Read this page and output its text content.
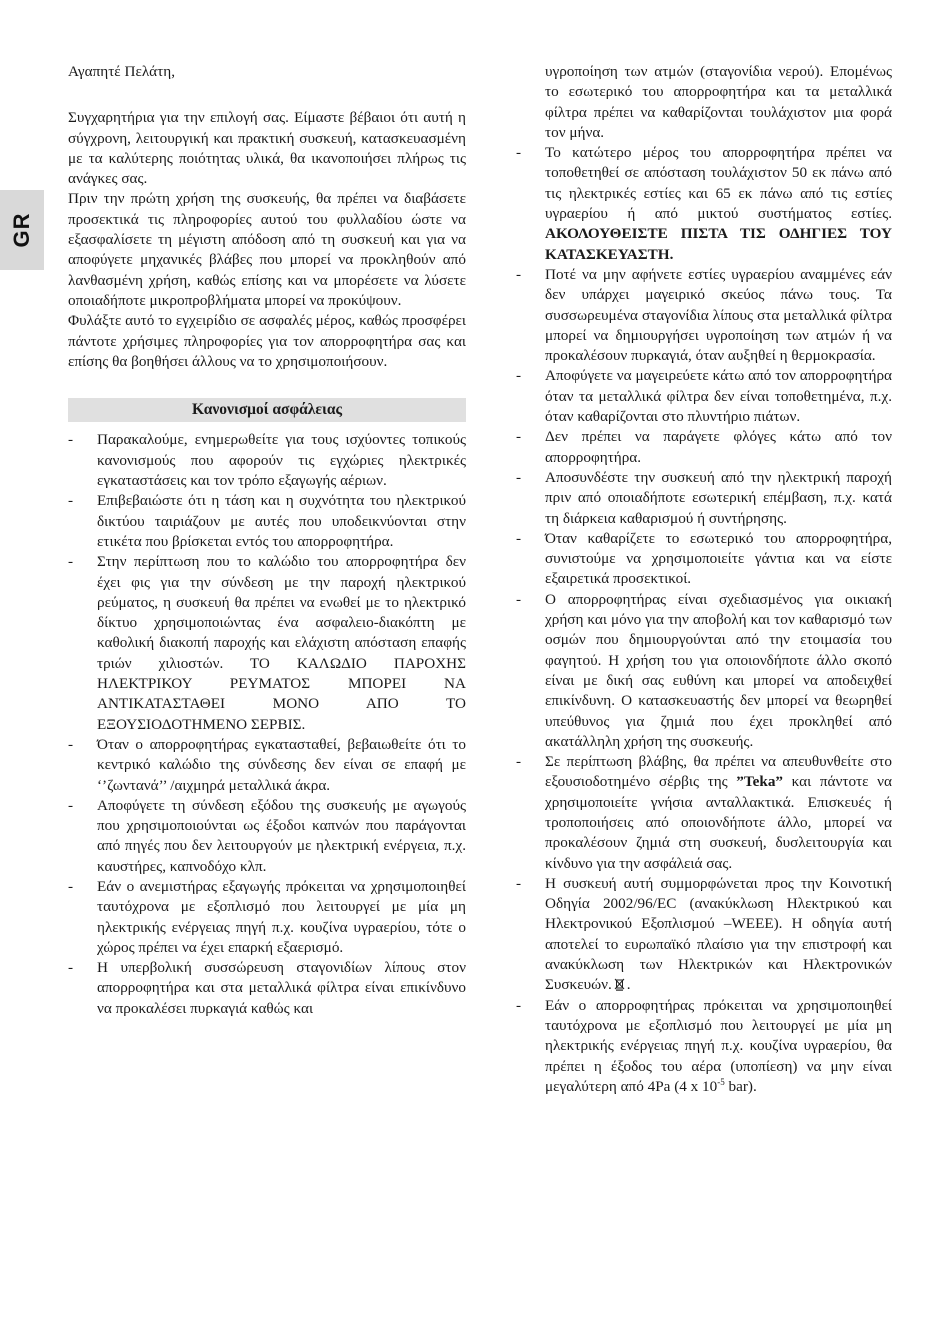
GR

Αγαπητέ Πελάτη,

Συγχαρητήρια για την επιλογή σας. Είμαστε βέβαιοι ότι αυτή η σύγχρονη, λειτουργική και πρακτική συσκευή, κατασκευασμένη με τα καλύτερης ποιότητας υλικά, θα ικανοποιήσει πλήρως τις ανάγκες σας.

Πριν την πρώτη χρήση της συσκευής, θα πρέπει να διαβάσετε προσεκτικά τις πληροφορίες αυτού του φυλλαδίου ώστε να εξασφαλίσετε τη μέγιστη απόδοση από τη συσκευή και για να αποφύγετε μηχανικές βλάβες που μπορεί να προκληθούν από λανθασμένη χρήση, καθώς επίσης και να μπορέσετε να λύσετε οποιαδήποτε μικροπροβλήματα μπορεί να προκύψουν.

Φυλάξτε αυτό το εγχειρίδιο σε ασφαλές μέρος, καθώς προσφέρει πάντοτε χρήσιμες πληροφορίες για τον απορροφητήρα σας και επίσης θα βοηθήσει άλλους να το χρησιμοποιήσουν.

Κανονισμοί ασφάλειας
- Παρακαλούμε, ενημερωθείτε για τους ισχύοντες τοπικούς κανονισμούς που αφορούν τις εγχώριες ηλεκτρικές εγκαταστάσεις και τον τρόπο εξαγωγής αέριων.
- Επιβεβαιώστε ότι η τάση και η συχνότητα του ηλεκτρικού δικτύου ταιριάζουν με αυτές που υποδεικνύονται στην ετικέτα που βρίσκεται εντός του απορροφητήρα.
- Στην περίπτωση που το καλώδιο του απορροφητήρα δεν έχει φις για την σύνδεση με την παροχή ηλεκτρικού ρεύματος, η συσκευή θα πρέπει να ενωθεί με το ηλεκτρικό δίκτυο χρησιμοποιώντας ένα ασφαλειο-διακόπτη με καθολική διακοπή παροχής και ελάχιστη απόσταση επαφής τριών χιλιοστών. ΤΟ ΚΑΛΩΔΙΟ ΠΑΡΟΧΗΣ ΗΛΕΚΤΡΙΚΟΥ ΡΕΥΜΑΤΟΣ ΜΠΟΡΕΙ ΝΑ ΑΝΤΙΚΑΤΑΣΤΑΘΕΙ ΜΟΝΟ ΑΠΟ ΤΟ ΕΞΟΥΣΙΟΔΟΤΗΜΕΝΟ ΣΕΡΒΙΣ.
- Όταν ο απορροφητήρας εγκατασταθεί, βεβαιωθείτε ότι το κεντρικό καλώδιο της σύνδεσης δεν είναι σε επαφή με ‘’ζωντανά’’ /αιχμηρά μεταλλικά άκρα.
- Αποφύγετε τη σύνδεση εξόδου της συσκευής με αγωγούς που χρησιμοποιούνται ως έξοδοι καπνών που παράγονται από πηγές που δεν λειτουργούν με ηλεκτρική ενέργεια, π.χ. καυστήρες, καπνοδόχο κλπ.
- Εάν ο ανεμιστήρας εξαγωγής πρόκειται να χρησιμοποιηθεί ταυτόχρονα με εξοπλισμό που λειτουργεί με μία μη ηλεκτρικής ενέργειας πηγή π.χ. κουζίνα υγραερίου, τότε ο χώρος πρέπει να έχει επαρκή εξαερισμό.
- Η υπερβολική συσσώρευση σταγονιδίων λίπους στον απορροφητήρα και στα μεταλλικά φίλτρα είναι επικίνδυνο να προκαλέσει πυρκαγιά καθώς και
υγροποίηση των ατμών (σταγονίδια νερού). Επομένως το εσωτερικό του απορροφητήρα και τα μεταλλικά φίλτρα πρέπει να καθαρίζονται τουλάχιστον μια φορά τον μήνα.
- Το κατώτερο μέρος του απορροφητήρα πρέπει να τοποθετηθεί σε απόσταση τουλάχιστον 50 εκ πάνω από τις ηλεκτρικές εστίες και 65 εκ πάνω από τις εστίες υγραερίου ή από μικτού συστήματος εστίες. ΑΚΟΛΟΥΘΕΙΣΤΕ ΠΙΣΤΑ ΤΙΣ ΟΔΗΓΙΕΣ ΤΟΥ ΚΑΤΑΣΚΕΥΑΣΤΗ.
- Ποτέ να μην αφήνετε εστίες υγραερίου αναμμένες εάν δεν υπάρχει μαγειρικό σκεύος πάνω τους. Τα συσσωρευμένα σταγονίδια λίπους στα μεταλλικά φίλτρα μπορεί να δημιουργήσει υγροποίηση των ατμών ή να προκαλέσουν πυρκαγιά, όταν αυξηθεί η θερμοκρασία.
- Αποφύγετε να μαγειρεύετε κάτω από τον απορροφητήρα όταν τα μεταλλικά φίλτρα δεν είναι τοποθετημένα, π.χ. όταν καθαρίζονται στο πλυντήριο πιάτων.
- Δεν πρέπει να παράγετε φλόγες κάτω από τον απορροφητήρα.
- Αποσυνδέστε την συσκευή από την ηλεκτρική παροχή πριν από οποιαδήποτε εσωτερική επέμβαση, π.χ. κατά τη διάρκεια καθαρισμού ή συντήρησης.
- Όταν καθαρίζετε το εσωτερικό του απορροφητήρα, συνιστούμε να χρησιμοποιείτε γάντια και να είστε εξαιρετικά προσεκτικοί.
- Ο απορροφητήρας είναι σχεδιασμένος για οικιακή χρήση και μόνο για την αποβολή και τον καθαρισμό των οσμών που δημιουργούνται από την ετοιμασία του φαγητού. Η χρήση του για οποιονδήποτε άλλο σκοπό είναι με δική σας ευθύνη και μπορεί να αποδειχθεί επικίνδυνη. Ο κατασκευαστής δεν μπορεί να θεωρηθεί υπεύθυνος για ζημιά που έχει προκληθεί από ακατάλληλη χρήση της συσκευής.
- Σε περίπτωση βλάβης, θα πρέπει να απευθυνθείτε στο εξουσιοδοτημένο σέρβις της ”Teka” και πάντοτε να χρησιμοποιείτε γνήσια ανταλλακτικά. Επισκευές ή τροποποιήσεις από οποιονδήποτε άλλο, μπορεί να προκαλέσουν ζημιά στη συσκευή, δυσλειτουργία και κίνδυνο για την ασφάλειά σας.
- Η συσκευή αυτή συμμορφώνεται προς την Κοινοτική Οδηγία 2002/96/EC (ανακύκλωση Ηλεκτρικού και Ηλεκτρονικού Εξοπλισμού –WEEE). Η οδηγία αυτή αποτελεί το ευρωπαϊκό πλαίσιο για την επιστροφή και ανακύκλωση των Ηλεκτρικών και Ηλεκτρονικών Συσκευών. .
- Εάν ο απορροφητήρας πρόκειται να χρησιμοποιηθεί ταυτόχρονα με εξοπλισμό που λειτουργεί με μία μη ηλεκτρικής ενέργειας πηγή π.χ. κουζίνα υγραερίου, θα πρέπει η έξοδος του αέρα (υποπίεση) να μην είναι μεγαλύτερη από 4Pa (4 x $10^{-5}$ bar).
